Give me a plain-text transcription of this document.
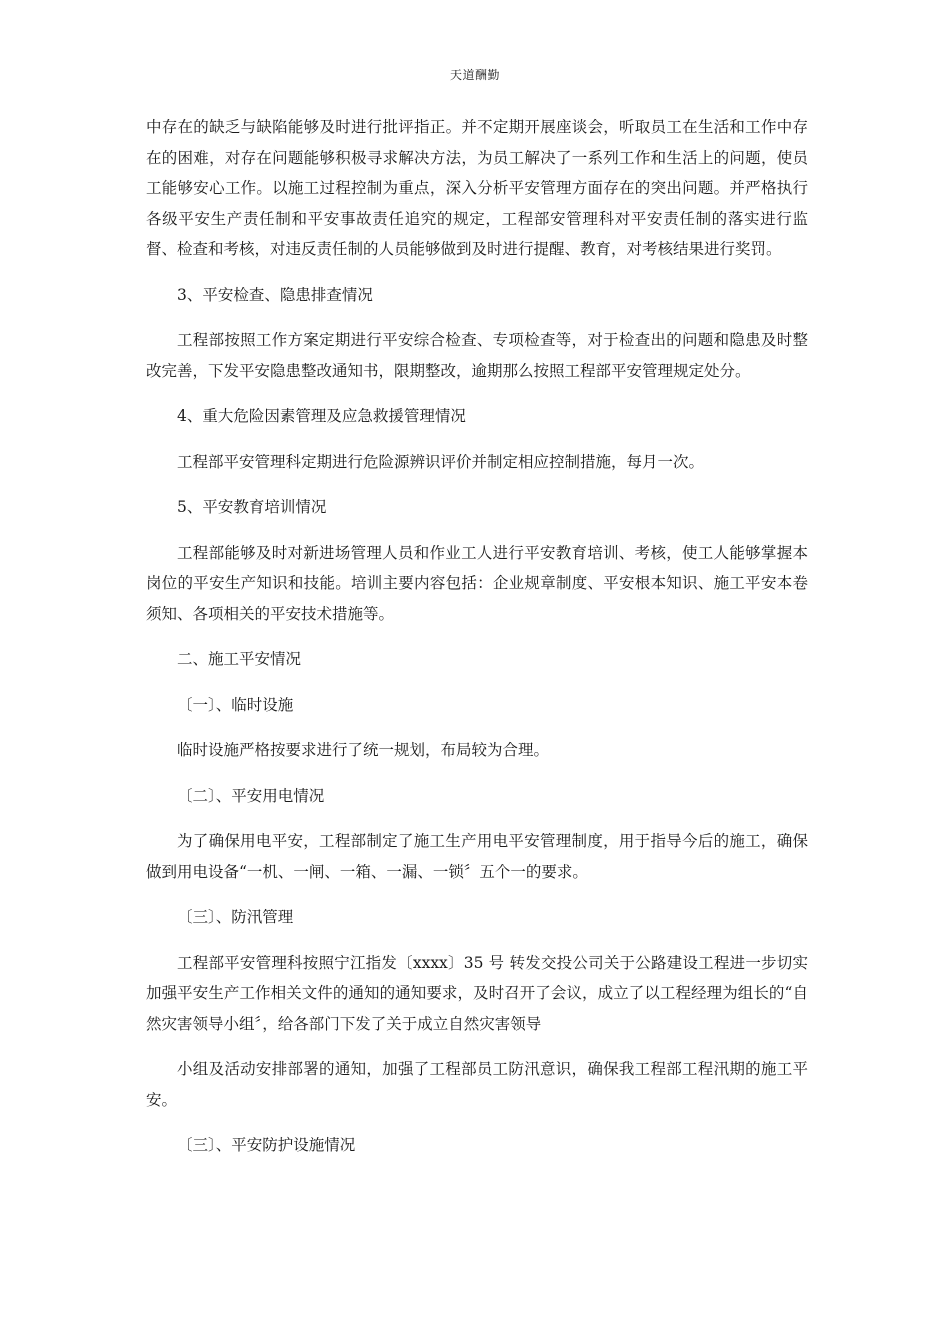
天道酬勤

中存在的缺乏与缺陷能够及时进行批评指正。并不定期开展座谈会，听取员工在生活和工作中存在的困难，对存在问题能够积极寻求解决方法，为员工解决了一系列工作和生活上的问题，使员工能够安心工作。以施工过程控制为重点，深入分析平安管理方面存在的突出问题。并严格执行各级平安生产责任制和平安事故责任追究的规定，工程部安管理科对平安责任制的落实进行监督、检查和考核，对违反责任制的人员能够做到及时进行提醒、教育，对考核结果进行奖罚。

3、平安检查、隐患排查情况

工程部按照工作方案定期进行平安综合检查、专项检查等，对于检查出的问题和隐患及时整改完善，下发平安隐患整改通知书，限期整改，逾期那么按照工程部平安管理规定处分。

4、重大危险因素管理及应急救援管理情况

工程部平安管理科定期进行危险源辨识评价并制定相应控制措施，每月一次。

5、平安教育培训情况

工程部能够及时对新进场管理人员和作业工人进行平安教育培训、考核，使工人能够掌握本岗位的平安生产知识和技能。培训主要内容包括：企业规章制度、平安根本知识、施工平安本卷须知、各项相关的平安技术措施等。

二、施工平安情况

〔一〕、临时设施

临时设施严格按要求进行了统一规划，布局较为合理。

〔二〕、平安用电情况

为了确保用电平安，工程部制定了施工生产用电平安管理制度，用于指导今后的施工，确保做到用电设备“一机、一闸、一箱、一漏、一锁〞五个一的要求。

〔三〕、防汛管理

工程部平安管理科按照宁江指发〔xxxx〕35 号 转发交投公司关于公路建设工程进一步切实加强平安生产工作相关文件的通知的通知要求，及时召开了会议，成立了以工程经理为组长的“自然灾害领导小组〞，给各部门下发了关于成立自然灾害领导

小组及活动安排部署的通知，加强了工程部员工防汛意识，确保我工程部工程汛期的施工平安。

〔三〕、平安防护设施情况
